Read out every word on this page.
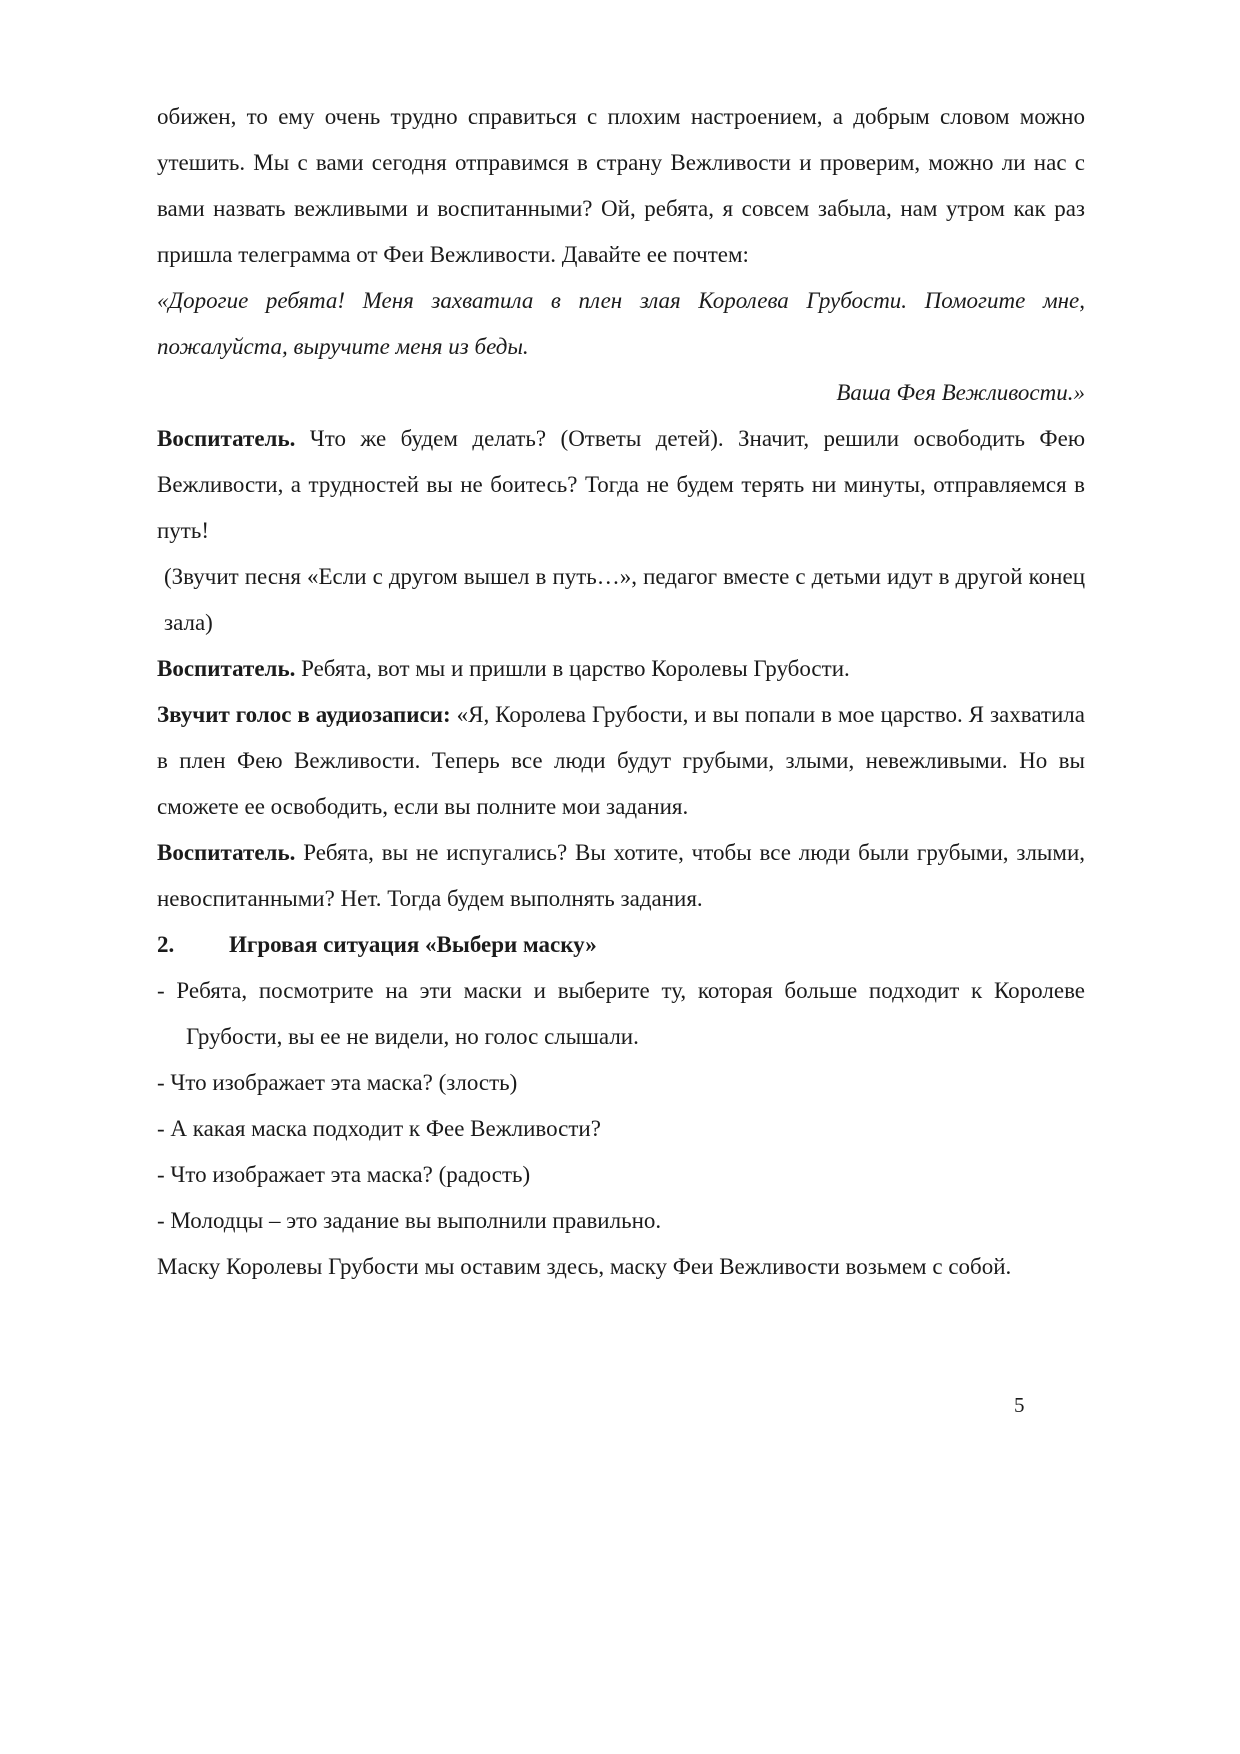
обижен, то ему очень трудно справиться с плохим настроением, а добрым словом можно утешить. Мы с вами сегодня отправимся в страну Вежливости и проверим, можно ли нас с вами назвать вежливыми и воспитанными? Ой, ребята, я совсем забыла, нам утром как раз пришла телеграмма от Феи Вежливости. Давайте ее почтем:

«Дорогие ребята! Меня захватила в плен злая Королева Грубости. Помогите мне, пожалуйста, выручите меня из беды.

Ваша Фея Вежливости.»

Воспитатель. Что же будем делать? (Ответы детей). Значит, решили освободить Фею Вежливости, а трудностей вы не боитесь? Тогда не будем терять ни минуты, отправляемся в путь!

(Звучит песня «Если с другом вышел в путь…», педагог вместе с детьми идут в другой конец зала)

Воспитатель. Ребята, вот мы и пришли в царство Королевы Грубости.

Звучит голос в аудиозаписи: «Я, Королева Грубости, и вы попали в мое царство. Я захватила в плен Фею Вежливости. Теперь все люди будут грубыми, злыми, невежливыми. Но вы сможете ее освободить, если вы полните мои задания.

Воспитатель. Ребята, вы не испугались? Вы хотите, чтобы все люди были грубыми, злыми, невоспитанными? Нет. Тогда будем выполнять задания.

2. Игровая ситуация «Выбери маску»

- Ребята, посмотрите на эти маски и выберите ту, которая больше подходит к Королеве Грубости, вы ее не видели, но голос слышали.

- Что изображает эта маска? (злость)

- А какая маска подходит к Фее Вежливости?

- Что изображает эта маска? (радость)

- Молодцы – это задание вы выполнили правильно.

Маску Королевы Грубости мы оставим здесь, маску Феи Вежливости возьмем с собой.

5
